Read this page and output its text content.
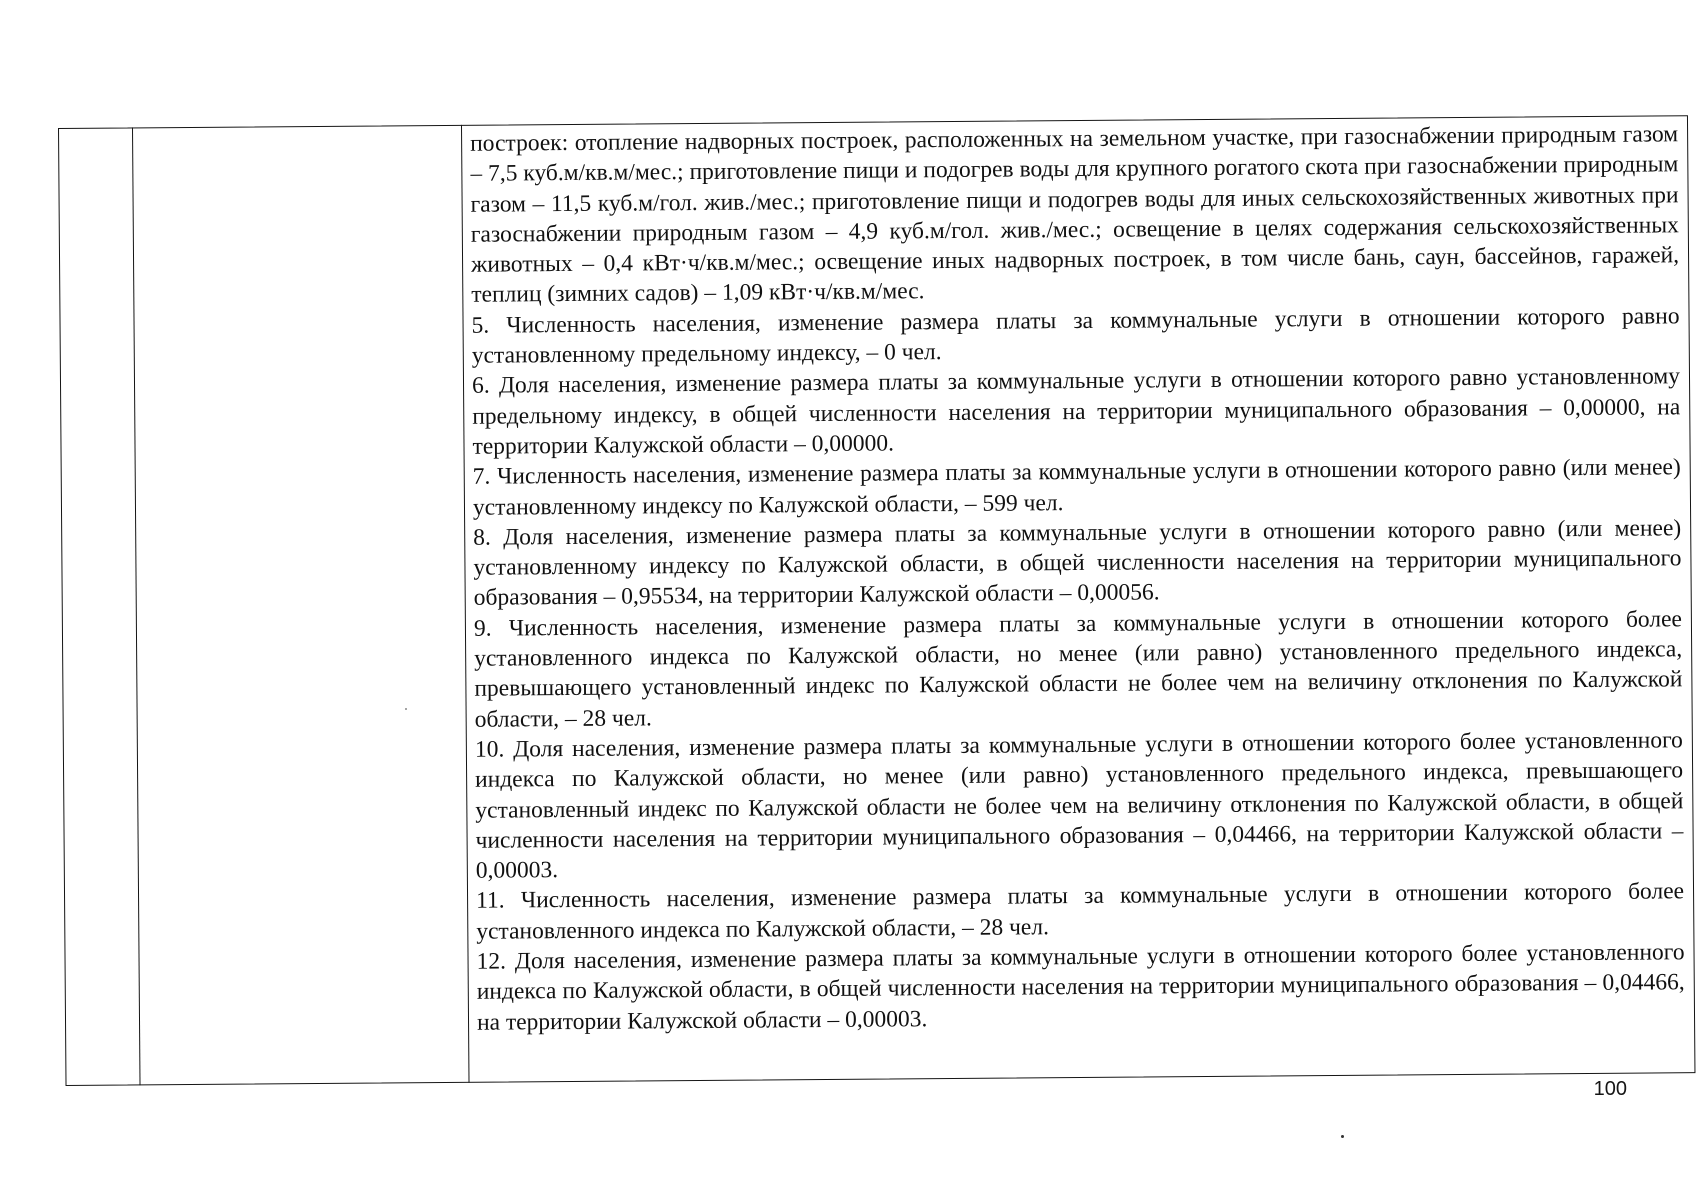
построек: отопление надворных построек, расположенных на земельном участке, при газоснабжении природным газом – 7,5 куб.м/кв.м/мес.; приготовление пищи и подогрев воды для крупного рогатого скота при газоснабжении природным газом – 11,5 куб.м/гол. жив./мес.; приготовление пищи и подогрев воды для иных сельскохозяйственных животных при газоснабжении природным газом – 4,9 куб.м/гол. жив./мес.; освещение в целях содержания сельскохозяйственных животных – 0,4 кВт·ч/кв.м/мес.; освещение иных надворных построек, в том числе бань, саун, бассейнов, гаражей, теплиц (зимних садов) – 1,09 кВт·ч/кв.м/мес.

5. Численность населения, изменение размера платы за коммунальные услуги в отношении которого равно установленному предельному индексу, – 0 чел.

6. Доля населения, изменение размера платы за коммунальные услуги в отношении которого равно установленному предельному индексу, в общей численности населения на территории муниципального образования – 0,00000, на территории Калужской области – 0,00000.

7. Численность населения, изменение размера платы за коммунальные услуги в отношении которого равно (или менее) установленному индексу по Калужской области, – 599 чел.

8. Доля населения, изменение размера платы за коммунальные услуги в отношении которого равно (или менее) установленному индексу по Калужской области, в общей численности населения на территории муниципального образования – 0,95534, на территории Калужской области – 0,00056.

9. Численность населения, изменение размера платы за коммунальные услуги в отношении которого более установленного индекса по Калужской области, но менее (или равно) установленного предельного индекса, превышающего установленный индекс по Калужской области не более чем на величину отклонения по Калужской области, – 28 чел.

10. Доля населения, изменение размера платы за коммунальные услуги в отношении которого более установленного индекса по Калужской области, но менее (или равно) установленного предельного индекса, превышающего установленный индекс по Калужской области не более чем на величину отклонения по Калужской области, в общей численности населения на территории муниципального образования – 0,04466, на территории Калужской области – 0,00003.

11. Численность населения, изменение размера платы за коммунальные услуги в отношении которого более установленного индекса по Калужской области, – 28 чел.

12. Доля населения, изменение размера платы за коммунальные услуги в отношении которого более установленного индекса по Калужской области, в общей численности населения на территории муниципального образования – 0,04466, на территории Калужской области – 0,00003.

100
